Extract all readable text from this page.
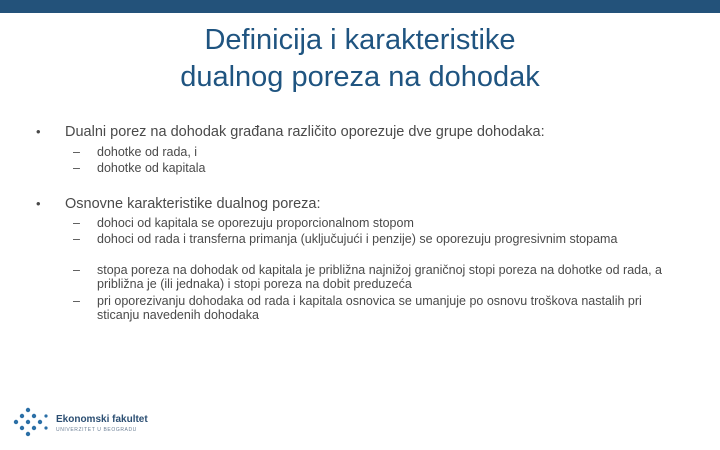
Definicija i karakteristike
dualnog poreza na dohodak
• Dualni porez na dohodak građana različito oporezuje dve grupe dohodaka:
– dohotke od rada, i
– dohotke od kapitala
• Osnovne karakteristike dualnog poreza:
– dohoci od kapitala se oporezuju proporcionalnom stopom
– dohoci od rada i transferna primanja (uključujući i penzije) se oporezuju progresivnim stopama
– stopa poreza na dohodak od kapitala je približna najnižoj graničnoj stopi poreza na dohotke od rada, a približna je (ili jednaka) i stopi poreza na dobit preduzeća
– pri oporezivanju dohodaka od rada i kapitala osnovica se umanjuje po osnovu troškova nastalih pri sticanju navedenih dohodaka
Ekonomski fakultet
UNIVERZITET U BEOGRADU
